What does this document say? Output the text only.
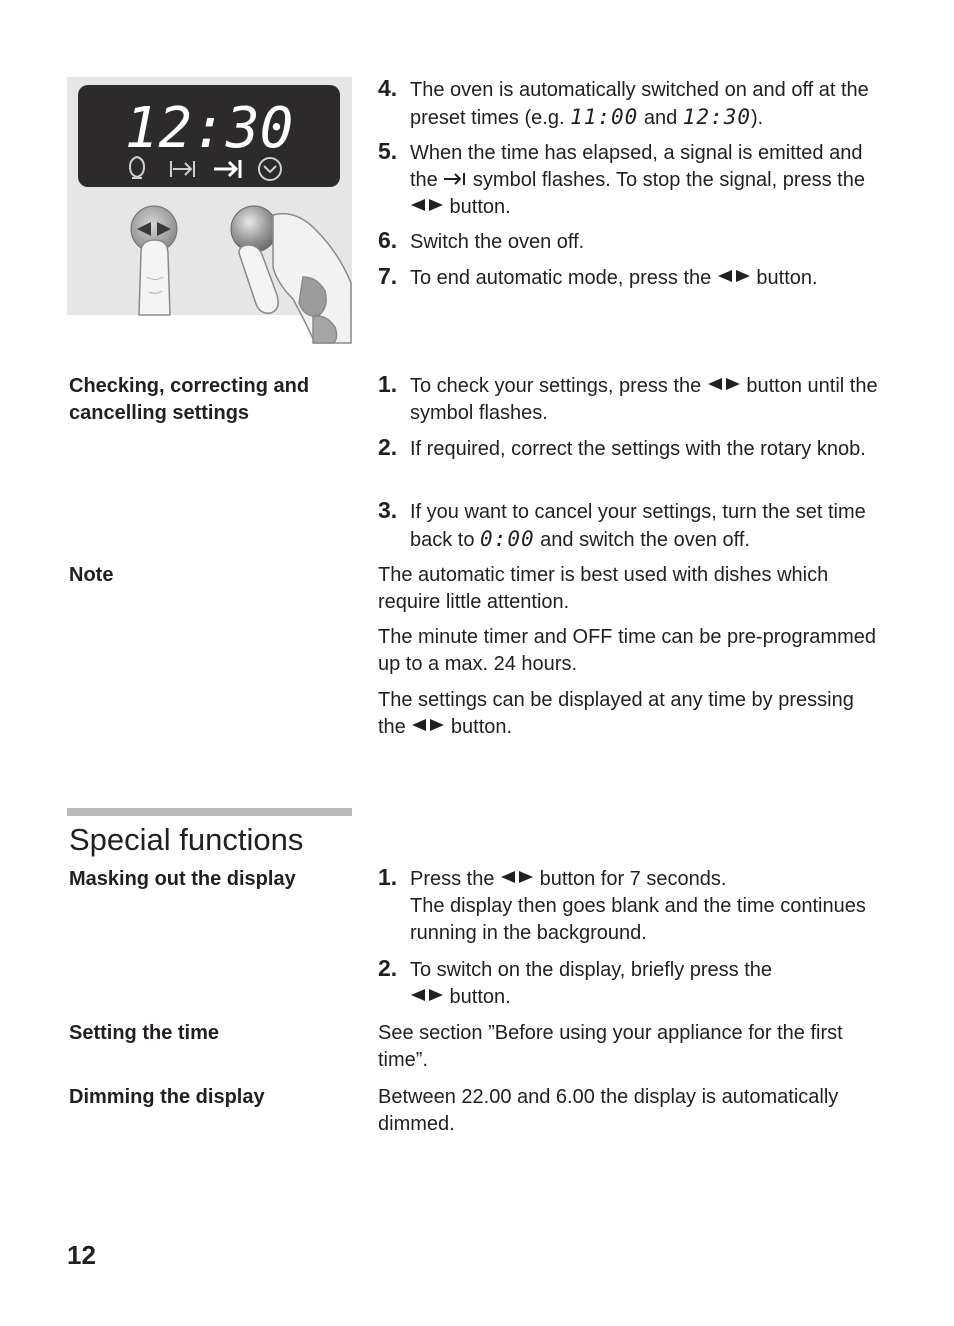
12:30
4. The oven is automatically switched on and off at the preset times (e.g. 11:00 and 12:30).
5. When the time has elapsed, a signal is emitted and the  symbol flashes. To stop the signal, press the  button.
6. Switch the oven off.
7. To end automatic mode, press the  button.
Checking, correcting and cancelling settings
1. To check your settings, press the  button until the symbol flashes.
2. If required, correct the settings with the rotary knob.
3. If you want to cancel your settings, turn the set time back to 0:00 and switch the oven off.
Note	The automatic timer is best used with dishes which require little attention.
The minute timer and OFF time can be pre-programmed up to a max. 24 hours.
The settings can be displayed at any time by pressing the  button.
Special functions
Masking out the display	1. Press the  button for 7 seconds.
The display then goes blank and the time continues running in the background.
2. To switch on the display, briefly press the  button.
Setting the time	See section ”Before using your appliance for the first time”.
Dimming the display	Between 22.00 and 6.00 the display is automatically dimmed.
12
